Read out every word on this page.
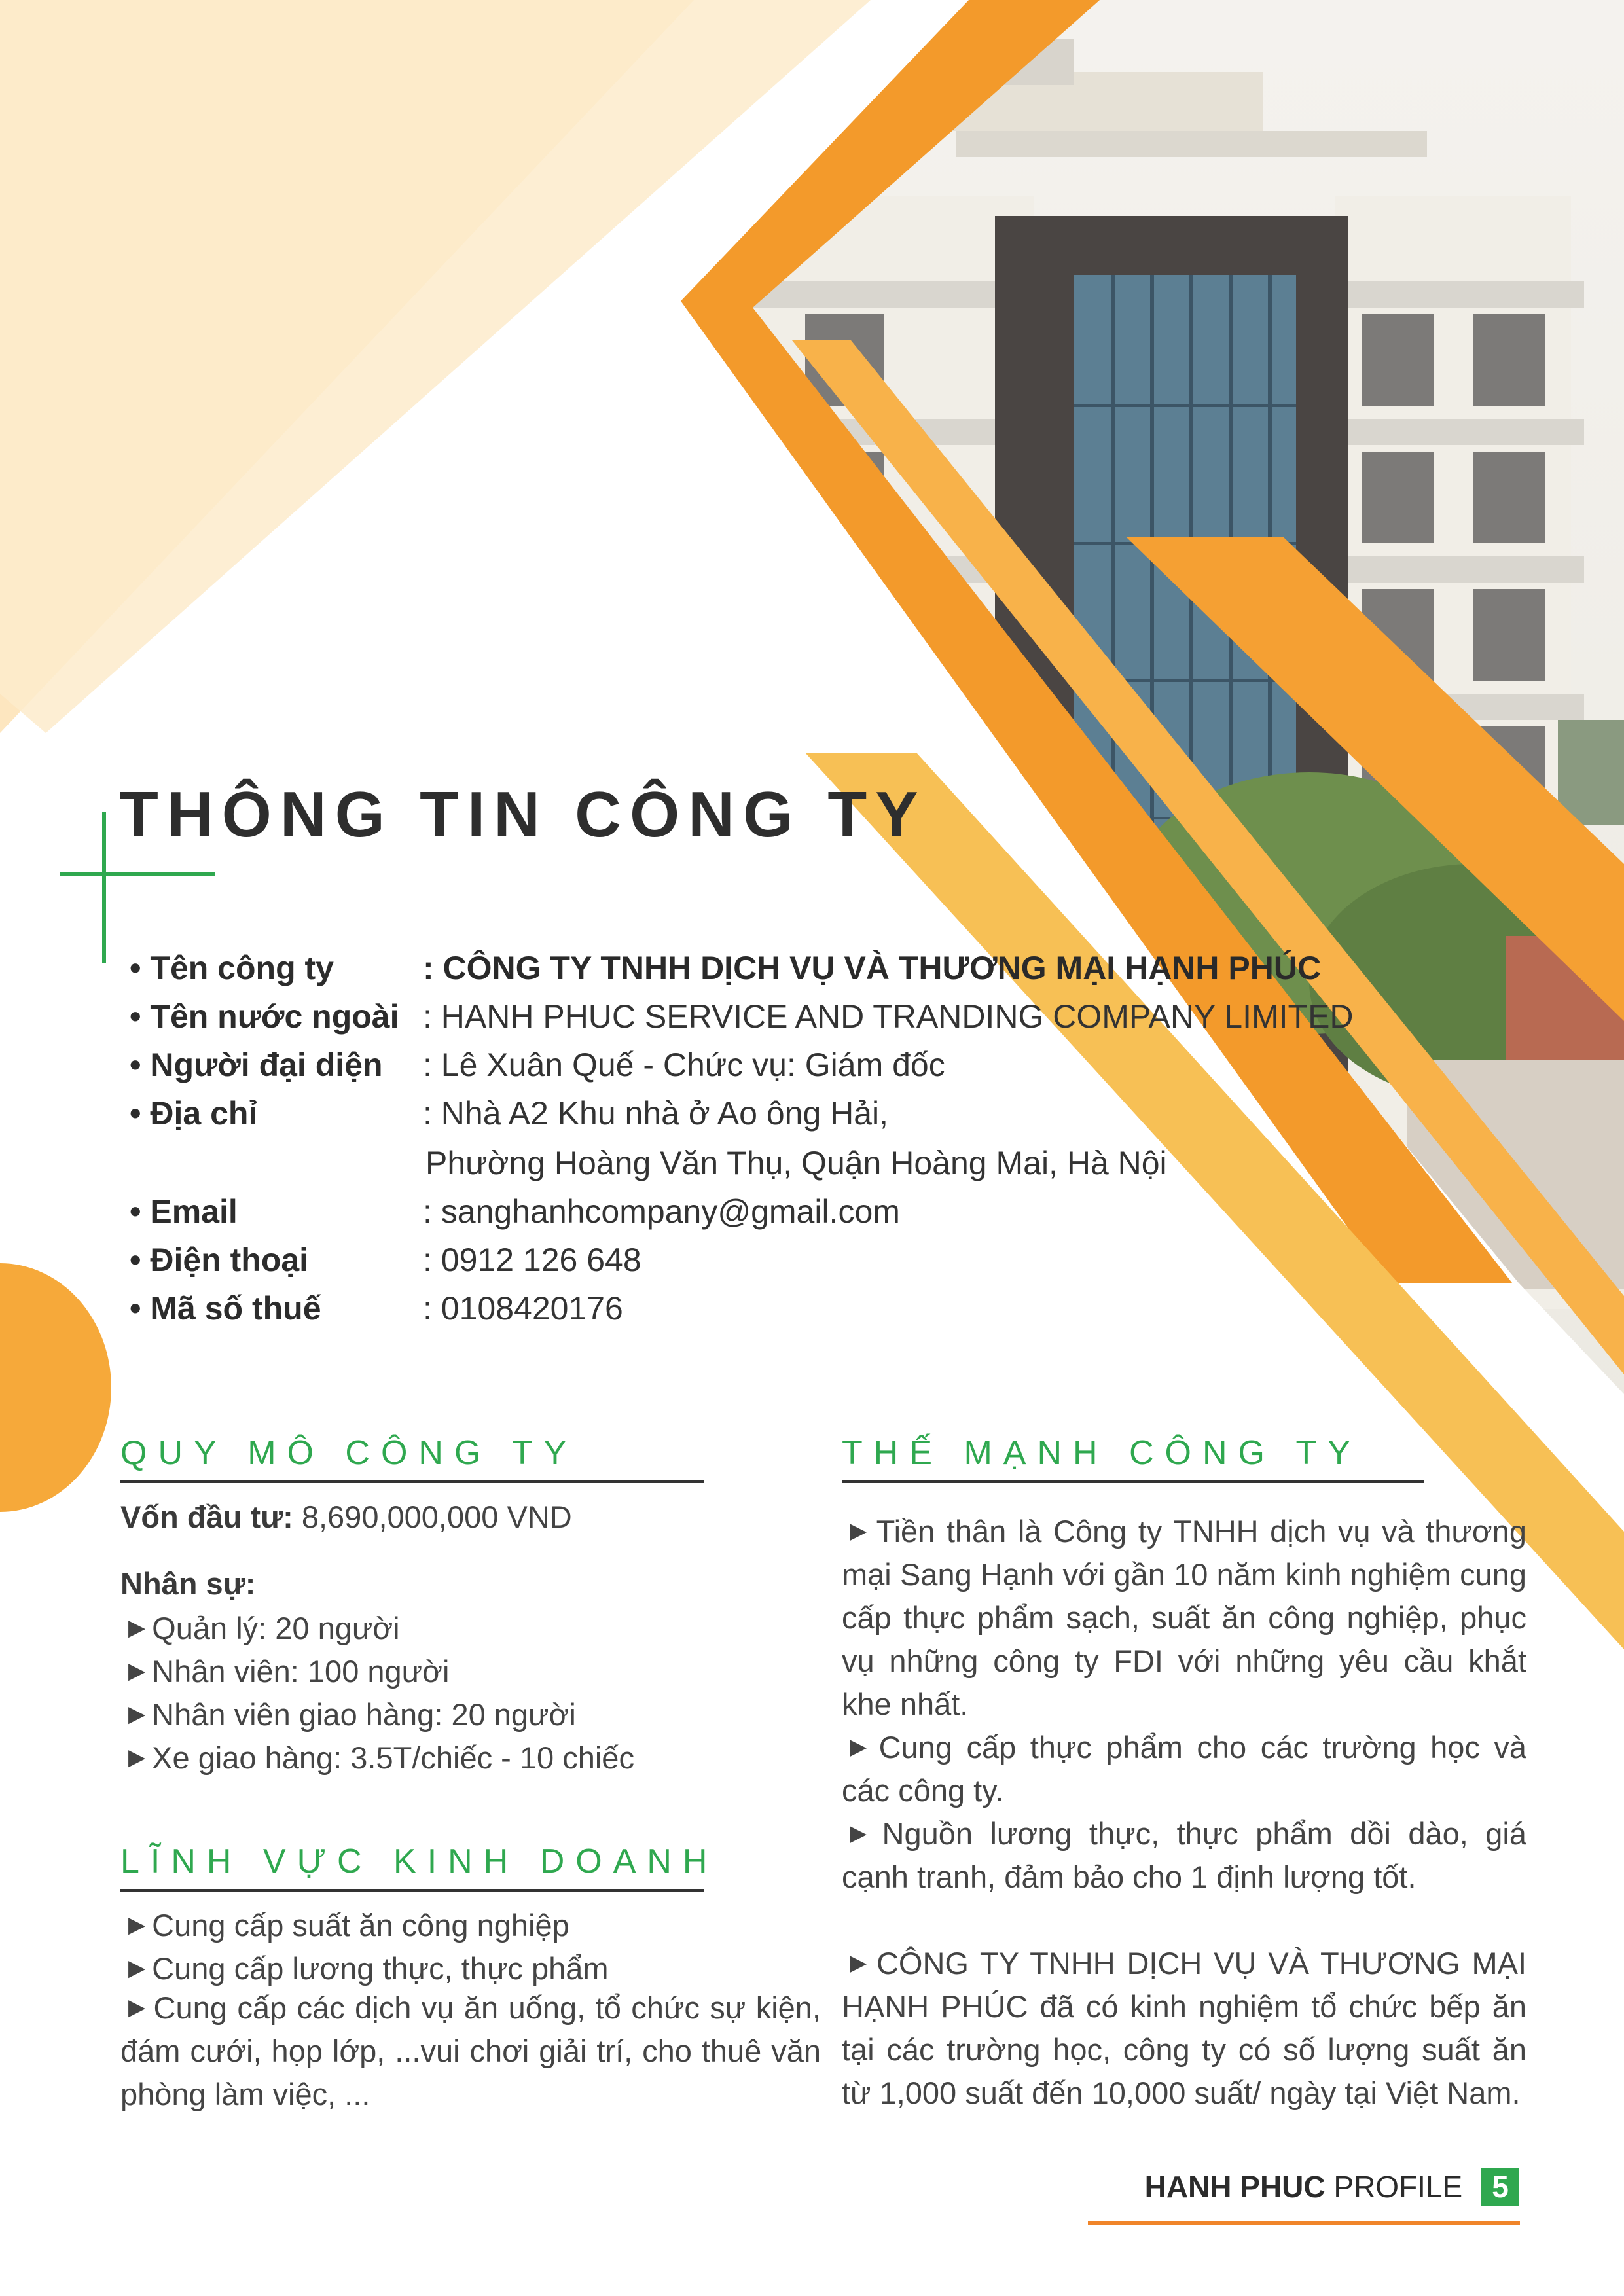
THÔNG TIN CÔNG TY
• Tên công ty	: CÔNG TY TNHH DỊCH VỤ VÀ THƯƠNG MẠI HẠNH PHÚC
• Tên nước ngoài : HANH PHUC SERVICE AND TRANDING COMPANY LIMITED
• Người đại diện : Lê Xuân Quế - Chức vụ: Giám đốc
• Địa chỉ	: Nhà A2 Khu nhà ở Ao ông Hải,
Phường Hoàng Văn Thụ, Quận Hoàng Mai, Hà Nội
• Email	: sanghanhcompany@gmail.com
• Điện thoại	: 0912 126 648
• Mã số thuế	: 0108420176
QUY MÔ CÔNG TY
Vốn đầu tư: 8,690,000,000 VND
Nhân sự:
▶ Quản lý: 20 người
▶ Nhân viên: 100 người
▶ Nhân viên giao hàng: 20 người
▶ Xe giao hàng: 3.5T/chiếc - 10 chiếc
LĨNH VỰC KINH DOANH
▶ Cung cấp suất ăn công nghiệp
▶ Cung cấp lương thực, thực phẩm
▶ Cung cấp các dịch vụ ăn uống, tổ chức sự kiện, đám cưới, họp lớp, ...vui chơi giải trí, cho thuê văn phòng làm việc, ...
THẾ MẠNH CÔNG TY
▶ Tiền thân là Công ty TNHH dịch vụ và thương mại Sang Hạnh với gần 10 năm kinh nghiệm cung cấp thực phẩm sạch, suất ăn công nghiệp, phục vụ những công ty FDI với những yêu cầu khắt khe nhất.
▶ Cung cấp thực phẩm cho các trường học và các công ty.
▶ Nguồn lương thực, thực phẩm dồi dào, giá cạnh tranh, đảm bảo cho 1 định lượng tốt.
▶ CÔNG TY TNHH DỊCH VỤ VÀ THƯƠNG MẠI HẠNH PHÚC đã có kinh nghiệm tổ chức bếp ăn tại các trường học, công ty có số lượng suất ăn từ 1,000 suất đến 10,000 suất/ ngày tại Việt Nam.
HANH PHUC PROFILE 5
